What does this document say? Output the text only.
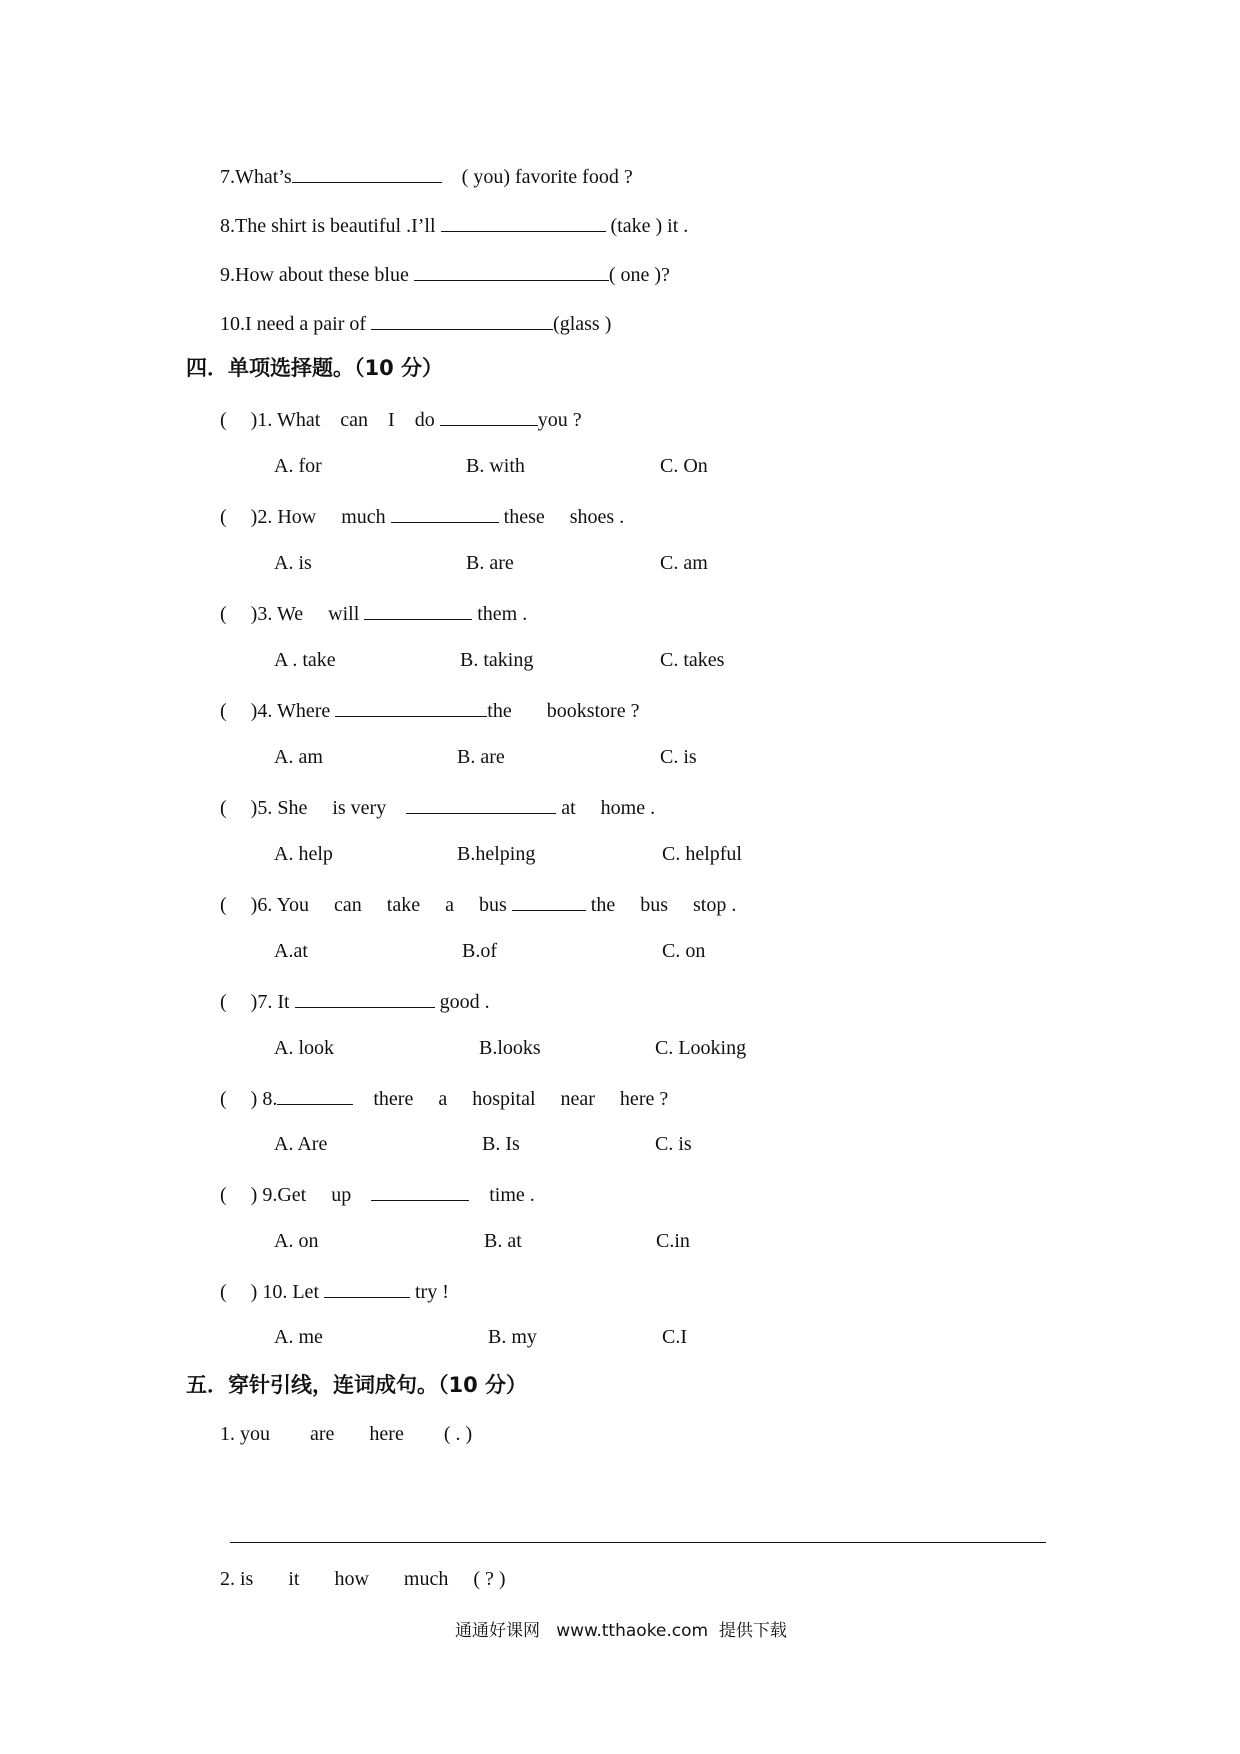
7.What’s	( you) favorite food ?
8.The shirt is beautiful .I’ll	(take ) it .
9.How about these blue	( one )?
10.I need a pair of	(glass )
四．单项选择题。（10 分）
( )1. What    can    I    do	you ?
A. for	B. with	C. On
( )2. How     much	these     shoes .
A. is	B. are	C. am
( )3. We     will	them .
A . take	B. taking	C. takes
( )4. Where	the       bookstore ?
A. am	B. are	C. is
( )5. She     is very	at     home .
A. help	B.helping	C. helpful
( )6. You     can     take     a     bus	the     bus     stop .
A.at	B.of	C. on
( )7. It	good .
A. look	B.looks	C. Looking
( ) 8.	there     a     hospital     near     here ?
A. Are	B. Is	C. is
( ) 9.Get     up	time .
A. on	B. at	C.in
( ) 10. Let	try !
A. me	B. my	C.I
五．穿针引线，连词成句。（10 分）
1. you        are       here        ( . )
2. is       it       how       much     ( ? )
通通好课网   www.tthaoke.com  提供下载
